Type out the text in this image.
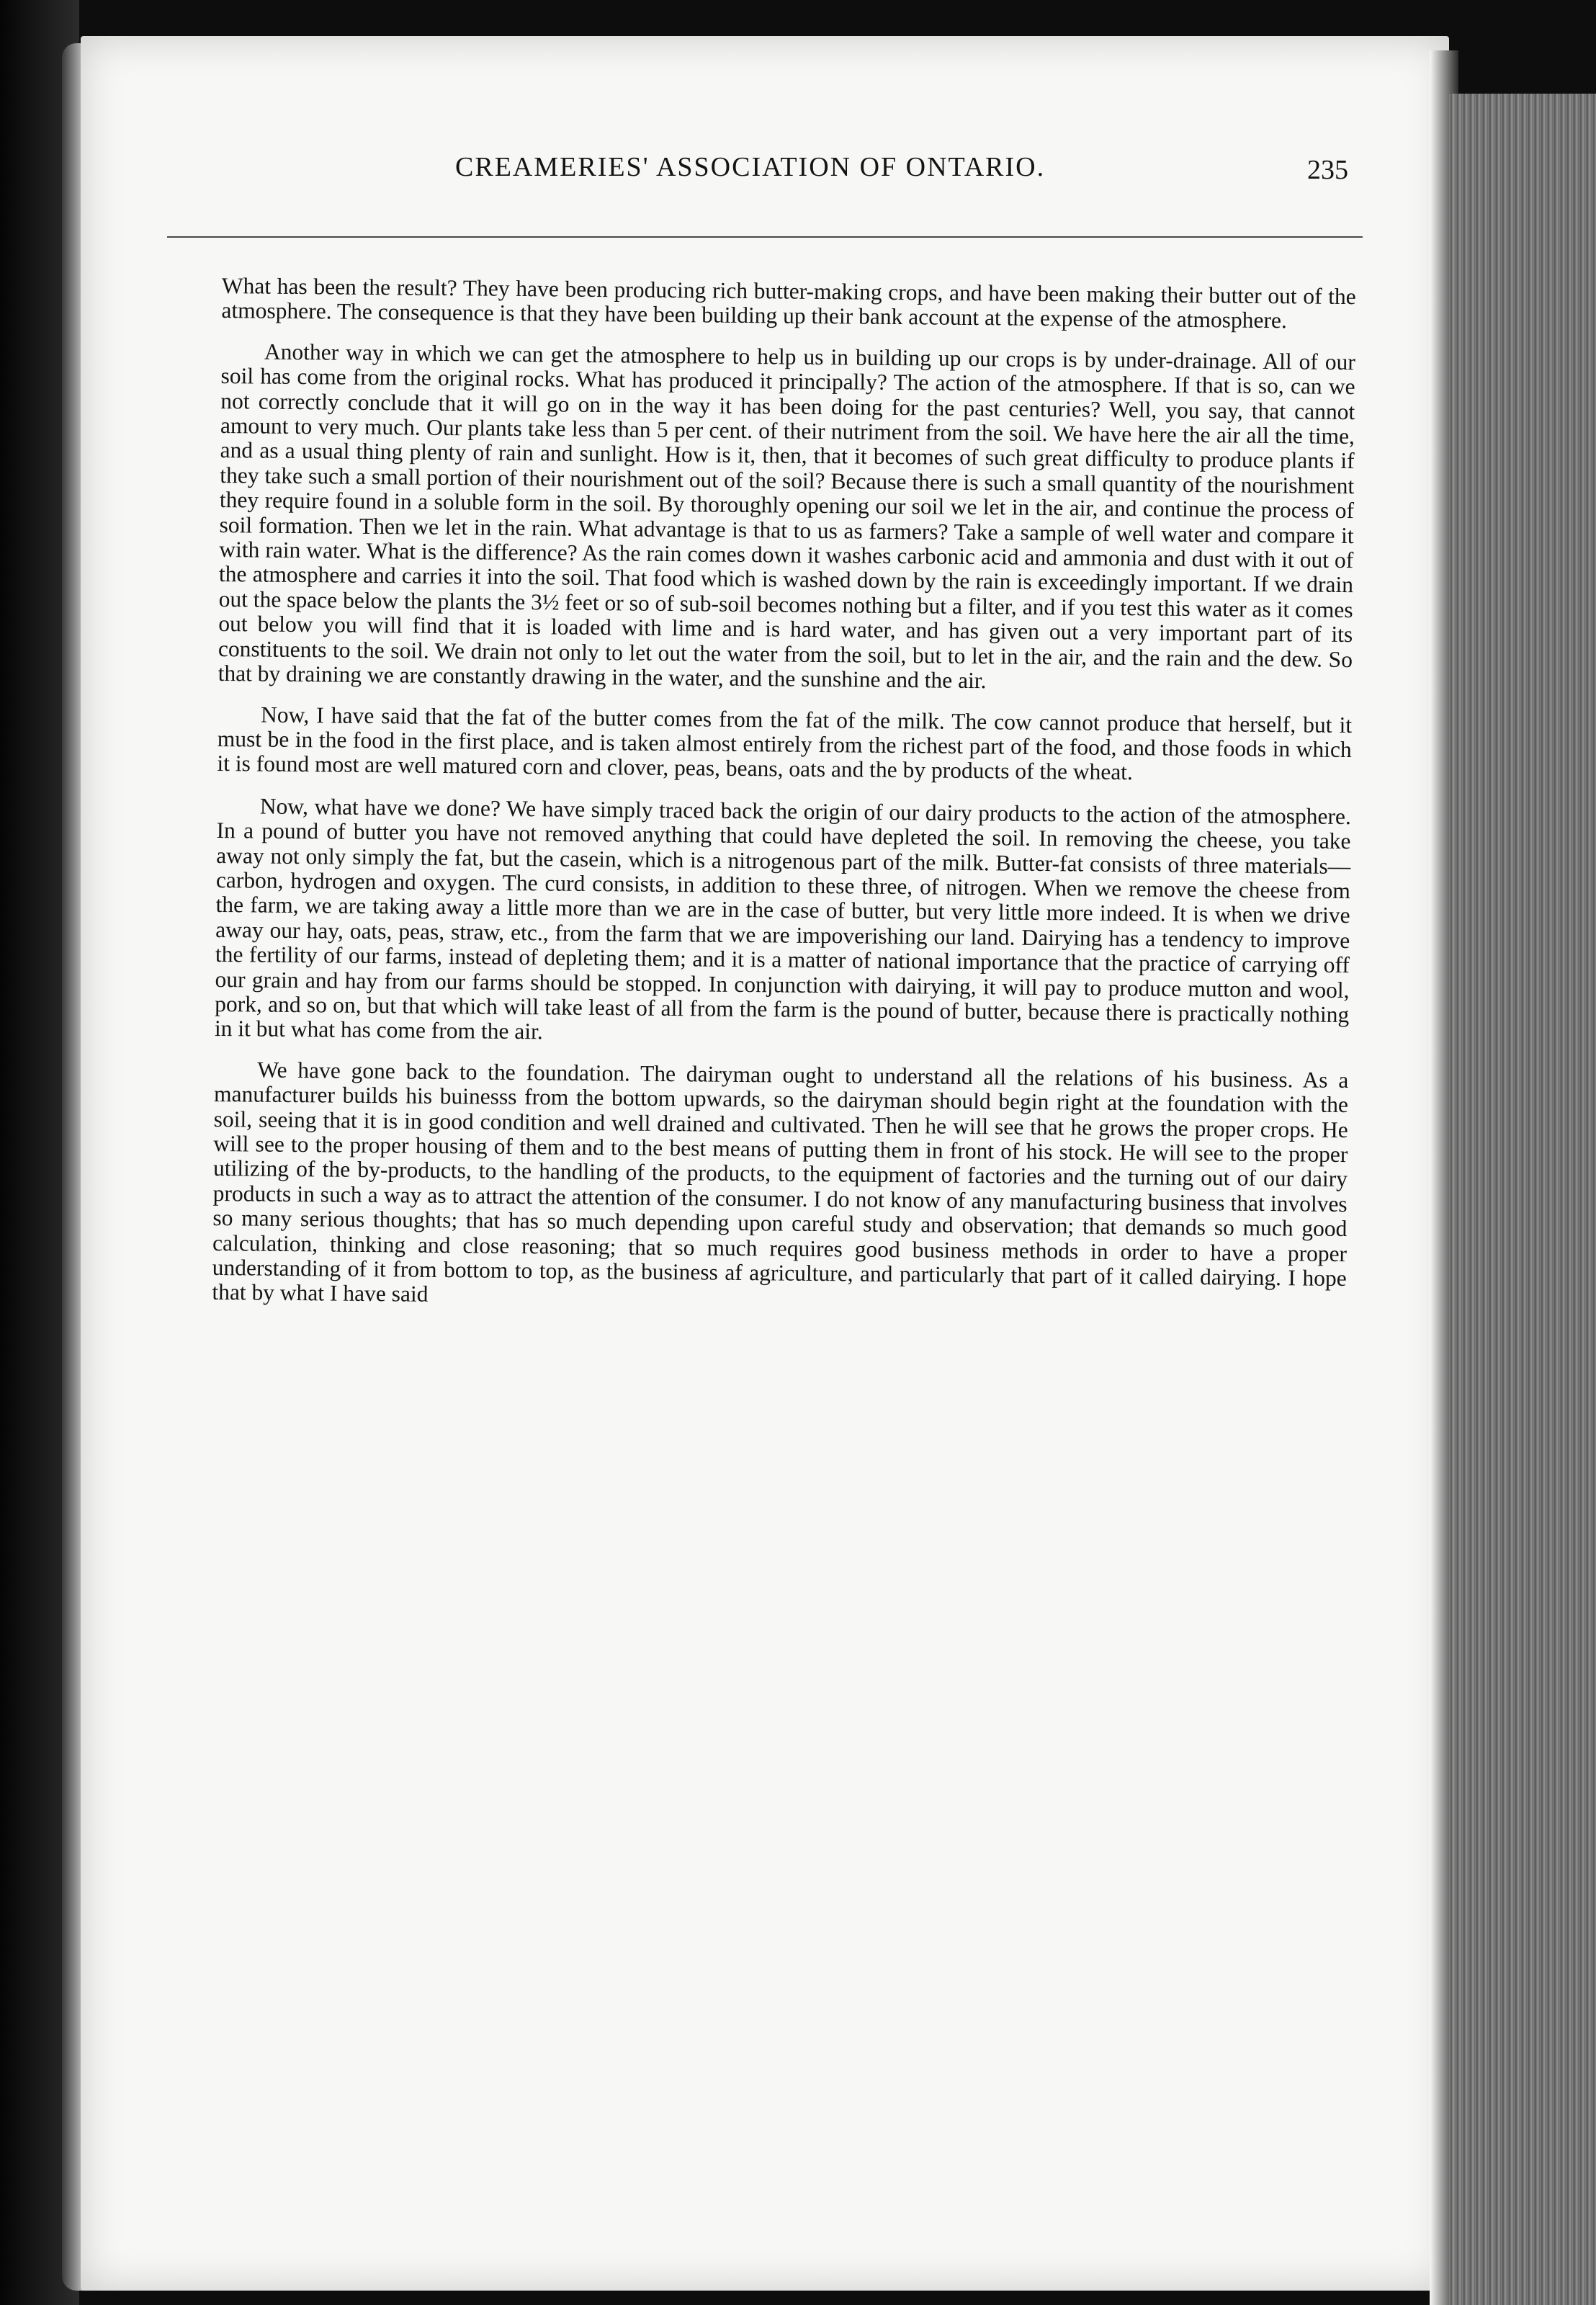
CREAMERIES' ASSOCIATION OF ONTARIO.	235

What has been the result? They have been producing rich butter-making crops, and have been making their butter out of the atmosphere. The consequence is that they have been building up their bank account at the expense of the atmosphere.

Another way in which we can get the atmosphere to help us in building up our crops is by under-drainage. All of our soil has come from the original rocks. What has produced it principally? The action of the atmosphere. If that is so, can we not correctly conclude that it will go on in the way it has been doing for the past centuries? Well, you say, that cannot amount to very much. Our plants take less than 5 per cent. of their nutriment from the soil. We have here the air all the time, and as a usual thing plenty of rain and sunlight. How is it, then, that it becomes of such great difficulty to produce plants if they take such a small portion of their nourishment out of the soil? Because there is such a small quantity of the nourishment they require found in a soluble form in the soil. By thoroughly opening our soil we let in the air, and continue the process of soil formation. Then we let in the rain. What advantage is that to us as farmers? Take a sample of well water and compare it with rain water. What is the difference? As the rain comes down it washes carbonic acid and ammonia and dust with it out of the atmosphere and carries it into the soil. That food which is washed down by the rain is exceedingly important. If we drain out the space below the plants the 3½ feet or so of sub-soil becomes nothing but a filter, and if you test this water as it comes out below you will find that it is loaded with lime and is hard water, and has given out a very important part of its constituents to the soil. We drain not only to let out the water from the soil, but to let in the air, and the rain and the dew. So that by draining we are constantly drawing in the water, and the sunshine and the air.

Now, I have said that the fat of the butter comes from the fat of the milk. The cow cannot produce that herself, but it must be in the food in the first place, and is taken almost entirely from the richest part of the food, and those foods in which it is found most are well matured corn and clover, peas, beans, oats and the by products of the wheat.

Now, what have we done? We have simply traced back the origin of our dairy products to the action of the atmosphere. In a pound of butter you have not removed anything that could have depleted the soil. In removing the cheese, you take away not only simply the fat, but the casein, which is a nitrogenous part of the milk. Butter-fat consists of three materials—carbon, hydrogen and oxygen. The curd consists, in addition to these three, of nitrogen. When we remove the cheese from the farm, we are taking away a little more than we are in the case of butter, but very little more indeed. It is when we drive away our hay, oats, peas, straw, etc., from the farm that we are impoverishing our land. Dairying has a tendency to improve the fertility of our farms, instead of depleting them; and it is a matter of national importance that the practice of carrying off our grain and hay from our farms should be stopped. In conjunction with dairying, it will pay to produce mutton and wool, pork, and so on, but that which will take least of all from the farm is the pound of butter, because there is practically nothing in it but what has come from the air.

We have gone back to the foundation. The dairyman ought to understand all the relations of his business. As a manufacturer builds his buinesss from the bottom upwards, so the dairyman should begin right at the foundation with the soil, seeing that it is in good condition and well drained and cultivated. Then he will see that he grows the proper crops. He will see to the proper housing of them and to the best means of putting them in front of his stock. He will see to the proper utilizing of the by-products, to the handling of the products, to the equipment of factories and the turning out of our dairy products in such a way as to attract the attention of the consumer. I do not know of any manufacturing business that involves so many serious thoughts; that has so much depending upon careful study and observation; that demands so much good calculation, thinking and close reasoning; that so much requires good business methods in order to have a proper understanding of it from bottom to top, as the business af agriculture, and particularly that part of it called dairying. I hope that by what I have said
